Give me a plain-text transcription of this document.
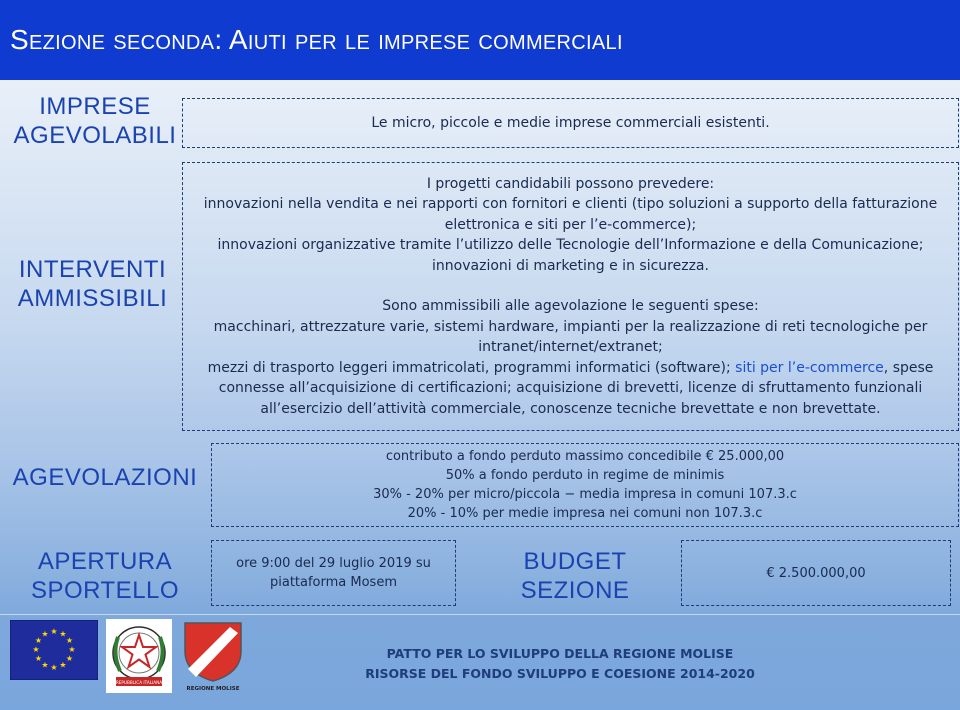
Sezione seconda: Aiuti per le imprese commerciali
IMPRESE
AGEVOLABILI	Le micro, piccole e medie imprese commerciali esistenti.

INTERVENTI
AMMISSIBILI

I progetti candidabili possono prevedere:

innovazioni nella vendita e nei rapporti con fornitori e clienti (tipo soluzioni a supporto della fatturazione elettronica e siti per l’e-commerce);

innovazioni organizzative tramite l’utilizzo delle Tecnologie dell’Informazione e della Comunicazione;

innovazioni di marketing e in sicurezza.

Sono ammissibili alle agevolazione le seguenti spese:

macchinari, attrezzature varie, sistemi hardware, impianti per la realizzazione di reti tecnologiche per intranet/internet/extranet;

mezzi di trasporto leggeri immatricolati, programmi informatici (software); siti per l’e-commerce, spese connesse all’acquisizione di certificazioni; acquisizione di brevetti, licenze di sfruttamento funzionali all’esercizio dell’attività commerciale, conoscenze tecniche brevettate e non brevettate.

AGEVOLAZIONI

contributo a fondo perduto massimo concedibile € 25.000,00

50% a fondo perduto in regime de minimis

30% - 20% per micro/piccola − media impresa in comuni 107.3.c

20% - 10% per medie impresa nei comuni non 107.3.c

APERTURA
SPORTELLO

ore 9:00 del 29 luglio 2019 su

piattaforma Mosem

BUDGET
SEZIONE

€ 2.500.000,00

★ ★
★
★
★
★
★
★
★
★
★
★
REPUBBLICA ITALIANA
REGIONE MOLISE
PATTO PER LO SVILUPPO DELLA REGIONE MOLISE
RISORSE DEL FONDO SVILUPPO E COESIONE 2014-2020
